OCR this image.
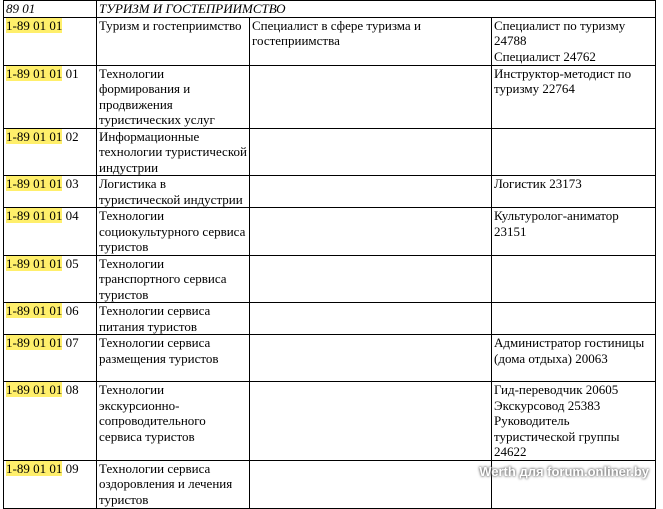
89 01	ТУРИЗМ И ГОСТЕПРИИМСТВО		
1-89 01 01	Туризм и гостеприимство	Специалист в сфере туризма и гостеприимства	Специалист по туризму 24788
Специалист 24762
1-89 01 01 01	Технологии формирования и продвижения туристических услуг		Инструктор-методист по туризму 22764
1-89 01 01 02	Информационные технологии туристической индустрии		
1-89 01 01 03	Логистика в туристической индустрии		Логистик 23173
1-89 01 01 04	Технологии социокультурного сервиса туристов		Культуролог-аниматор 23151
1-89 01 01 05	Технологии транспортного сервиса туристов		
1-89 01 01 06	Технологии сервиса питания туристов		
1-89 01 01 07	Технологии сервиса размещения туристов		Администратор гостиницы (дома отдыха) 20063
1-89 01 01 08	Технологии экскурсионно-сопроводительного сервиса туристов		Гид-переводчик 20605
Экскурсовод 25383
Руководитель туристической группы 24622
1-89 01 01 09	Технологии сервиса оздоровления и лечения туристов		
Werth для forum.onliner.by
